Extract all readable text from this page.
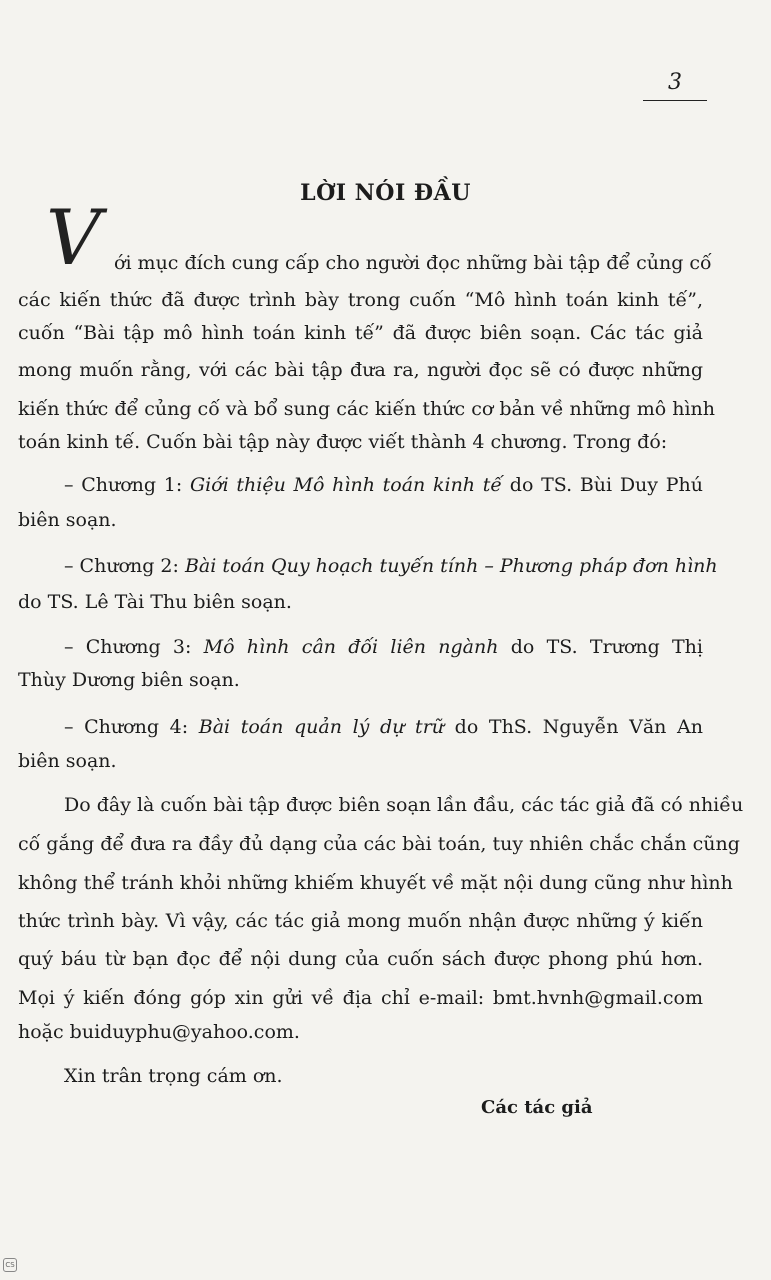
3
LỜI NÓI ĐẦU
V ới mục đích cung cấp cho người đọc những bài tập để củng cố
các kiến thức đã được trình bày trong cuốn “Mô hình toán kinh tế”,
cuốn “Bài tập mô hình toán kinh tế” đã được biên soạn. Các tác giả
mong muốn rằng, với các bài tập đưa ra, người đọc sẽ có được những
kiến thức để củng cố và bổ sung các kiến thức cơ bản về những mô hình
toán kinh tế. Cuốn bài tập này được viết thành 4 chương. Trong đó:
– Chương 1: Giới thiệu Mô hình toán kinh tế do TS. Bùi Duy Phú
biên soạn.
– Chương 2: Bài toán Quy hoạch tuyến tính – Phương pháp đơn hình
do TS. Lê Tài Thu biên soạn.
– Chương 3: Mô hình cân đối liên ngành do TS. Trương Thị
Thùy Dương biên soạn.
– Chương 4: Bài toán quản lý dự trữ do ThS. Nguyễn Văn An
biên soạn.
Do đây là cuốn bài tập được biên soạn lần đầu, các tác giả đã có nhiều
cố gắng để đưa ra đầy đủ dạng của các bài toán, tuy nhiên chắc chắn cũng
không thể tránh khỏi những khiếm khuyết về mặt nội dung cũng như hình
thức trình bày. Vì vậy, các tác giả mong muốn nhận được những ý kiến
quý báu từ bạn đọc để nội dung của cuốn sách được phong phú hơn.
Mọi ý kiến đóng góp xin gửi về địa chỉ e-mail: bmt.hvnh@gmail.com
hoặc buiduyphu@yahoo.com.
Xin trân trọng cám ơn.
Các tác giả
CS
